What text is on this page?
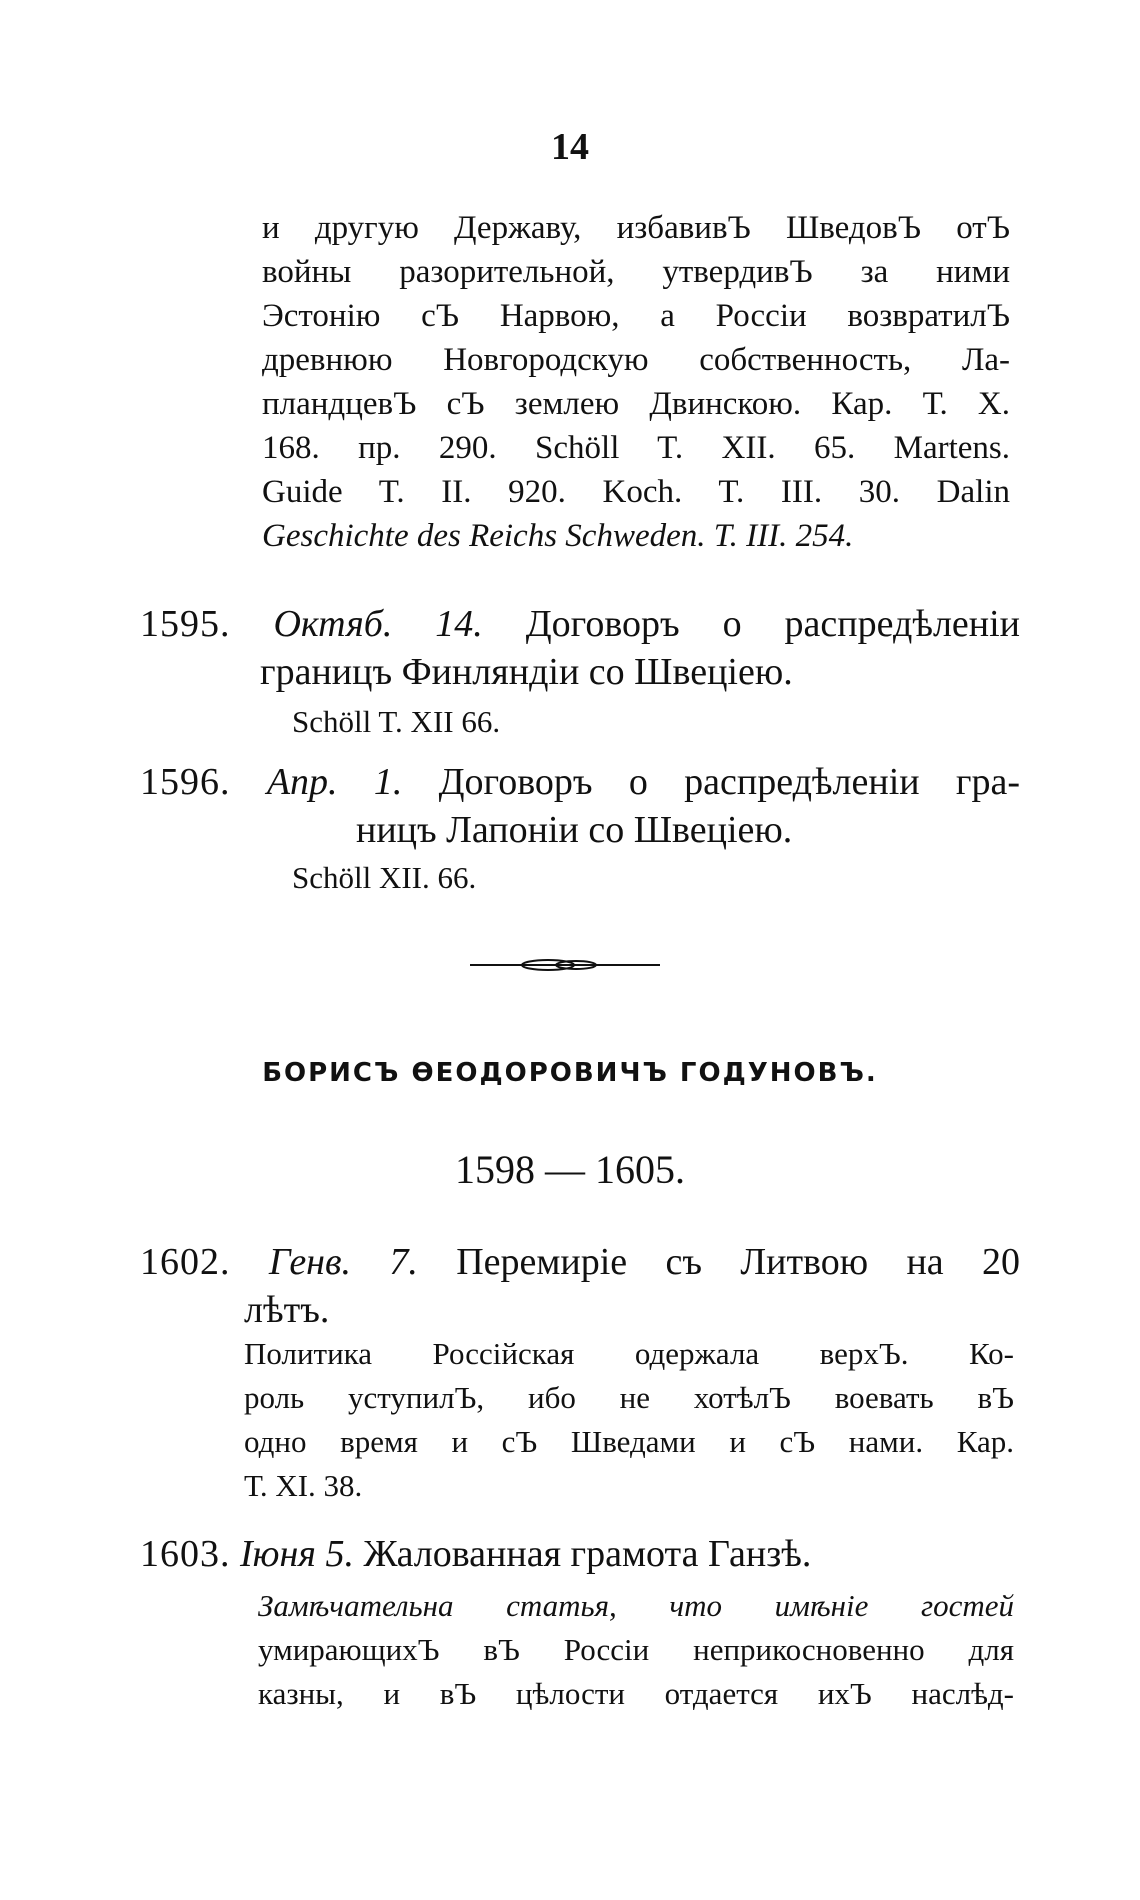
14
и другую Державу, избавивЪ ШведовЪ отЪ
войны разорительной, утвердивЪ за ними
Эстонію сЪ Нарвою, а Россіи возвратилЪ
древнюю Новгородскую собственность, Ла-
пландцевЪ сЪ землею Двинскою. Кар. Т. X.
168. пр. 290. Schöll T. XII. 65. Martens.
Guide T. II. 920. Koch. T. III. 30. Dalin
Geschichte des Reichs Schweden. T. III. 254.
1595. Октяб. 14. Договоръ о распредѣленіи
границъ Финляндіи со Швеціею.
Schöll T. XII 66.
1596. Апр. 1. Договоръ о распредѣленіи гра-
ницъ Лапоніи со Швеціею.
Schöll XII. 66.
БОРИСЪ ѲЕОДОРОВИЧЪ ГОДУНОВЪ.
1598 — 1605.
1602. Генв. 7. Перемиріе съ Литвою на 20
лѣтъ.
Политика Россійская одержала верхЪ. Ко-
роль уступилЪ, ибо не хотѣлЪ воевать вЪ
одно время и сЪ Шведами и сЪ нами. Кар.
Т. XI. 38.
1603. Іюня 5. Жалованная грамота Ганзѣ.
Замѣчательна статья, что имѣніе гостей
умирающихЪ вЪ Россіи неприкосновенно для
казны, и вЪ цѣлости отдается ихЪ наслѣд-
